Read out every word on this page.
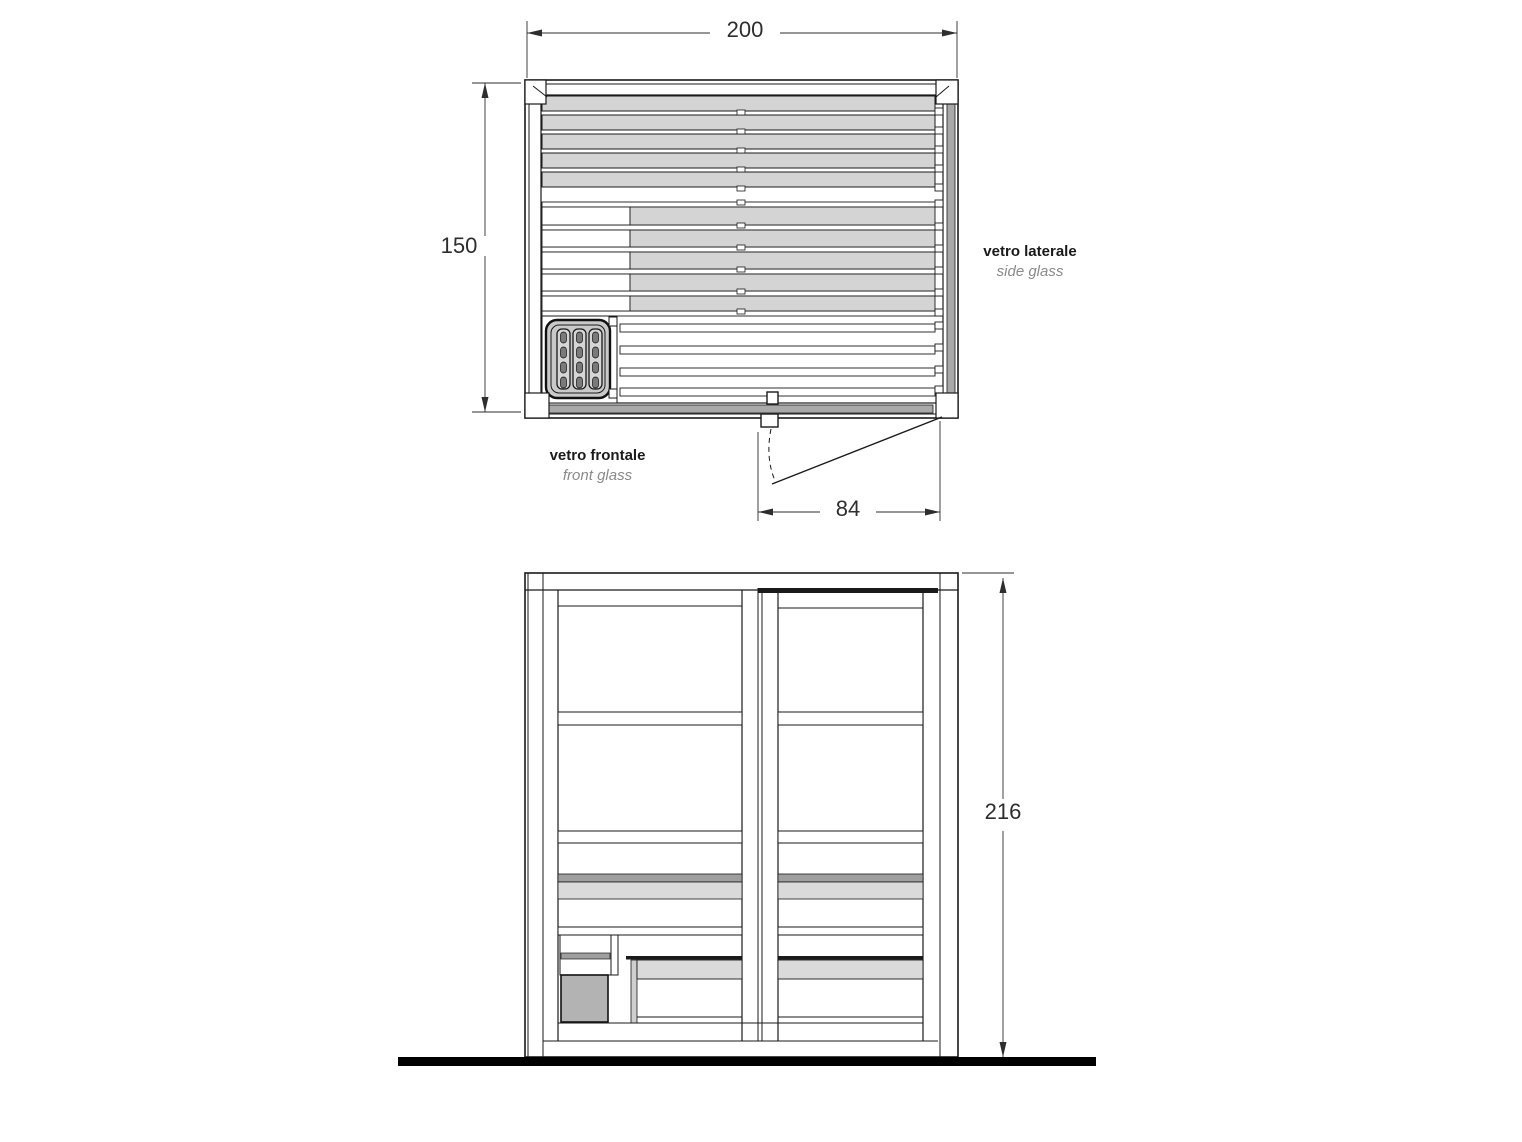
200
150
84
216
vetro laterale
side glass
vetro frontale
front glass
